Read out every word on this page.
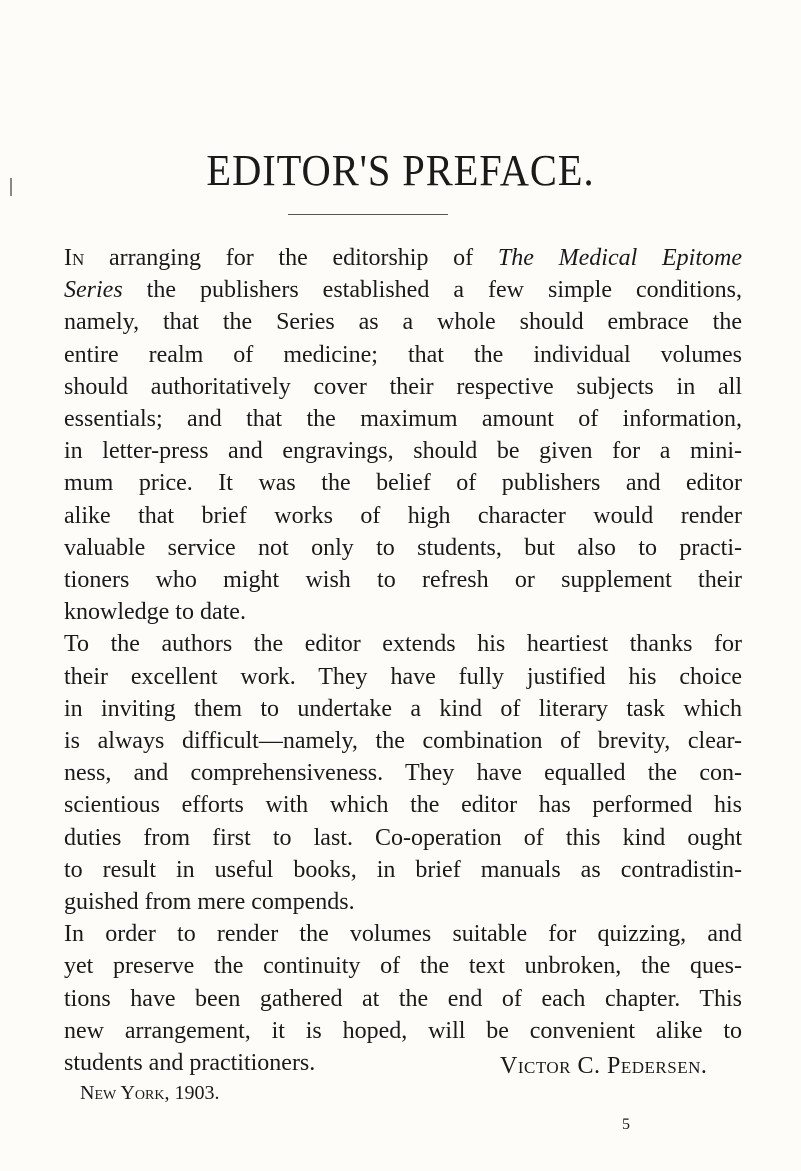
EDITOR'S PREFACE.
In arranging for the editorship of The Medical Epitome
Series the publishers established a few simple conditions,
namely, that the Series as a whole should embrace the
entire realm of medicine; that the individual volumes
should authoritatively cover their respective subjects in all
essentials; and that the maximum amount of information,
in letter-press and engravings, should be given for a mini-
mum price. It was the belief of publishers and editor
alike that brief works of high character would render
valuable service not only to students, but also to practi-
tioners who might wish to refresh or supplement their
knowledge to date.
To the authors the editor extends his heartiest thanks for
their excellent work. They have fully justified his choice
in inviting them to undertake a kind of literary task which
is always difficult—namely, the combination of brevity, clear-
ness, and comprehensiveness. They have equalled the con-
scientious efforts with which the editor has performed his
duties from first to last. Co-operation of this kind ought
to result in useful books, in brief manuals as contradistin-
guished from mere compends.
In order to render the volumes suitable for quizzing, and
yet preserve the continuity of the text unbroken, the ques-
tions have been gathered at the end of each chapter. This
new arrangement, it is hoped, will be convenient alike to
students and practitioners.	Victor C. Pedersen.
New York, 1903.
5
